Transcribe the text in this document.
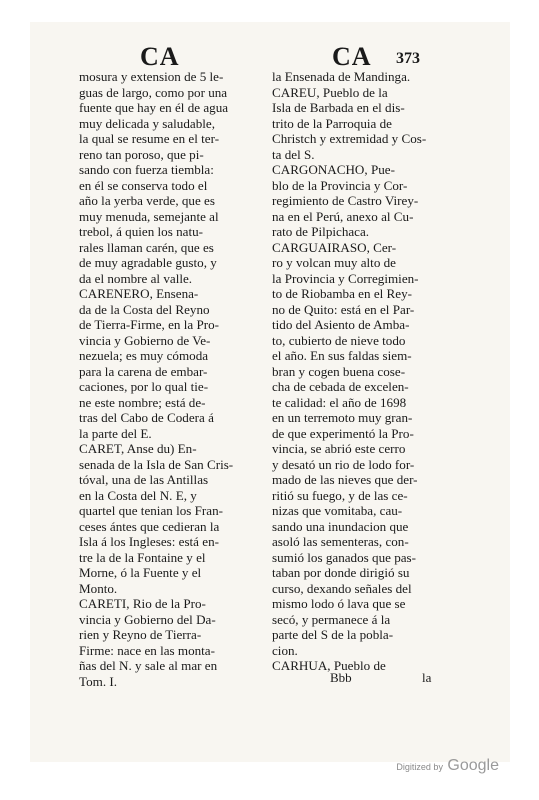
CA	CA 373
mosura y extension de 5 le-
guas de largo, como por una
fuente que hay en él de agua
muy delicada y saludable,
la qual se resume en el ter-
reno tan poroso, que pi-
sando con fuerza tiembla:
en él se conserva todo el
año la yerba verde, que es
muy menuda, semejante al
trebol, á quien los natu-
rales llaman carén, que es
de muy agradable gusto, y
da el nombre al valle.
CARENERO, Ensena-
da de la Costa del Reyno
de Tierra-Firme, en la Pro-
vincia y Gobierno de Ve-
nezuela; es muy cómoda
para la carena de embar-
caciones, por lo qual tie-
ne este nombre; está de-
tras del Cabo de Codera á
la parte del E.
CARET, Anse du) En-
senada de la Isla de San Cris-
tóval, una de las Antillas
en la Costa del N. E, y
quartel que tenian los Fran-
ceses ántes que cedieran la
Isla á los Ingleses: está en-
tre la de la Fontaine y el
Morne, ó la Fuente y el
Monto.
CARETI, Rio de la Pro-
vincia y Gobierno del Da-
rien y Reyno de Tierra-
Firme: nace en las monta-
ñas del N. y sale al mar en
Tom. I.
la Ensenada de Mandinga.
CAREU, Pueblo de la
Isla de Barbada en el dis-
trito de la Parroquia de
Christch y extremidad y Cos-
ta del S.
CARGONACHO, Pue-
blo de la Provincia y Cor-
regimiento de Castro Virey-
na en el Perú, anexo al Cu-
rato de Pilpichaca.
CARGUAIRASO, Cer-
ro y volcan muy alto de
la Provincia y Corregimien-
to de Riobamba en el Rey-
no de Quito: está en el Par-
tido del Asiento de Amba-
to, cubierto de nieve todo
el año. En sus faldas siem-
bran y cogen buena cose-
cha de cebada de excelen-
te calidad: el año de 1698
en un terremoto muy gran-
de que experimentó la Pro-
vincia, se abrió este cerro
y desató un rio de lodo for-
mado de las nieves que der-
ritió su fuego, y de las ce-
nizas que vomitaba, cau-
sando una inundacion que
asoló las sementeras, con-
sumió los ganados que pas-
taban por donde dirigió su
curso, dexando señales del
mismo lodo ó lava que se
secó, y permanece á la
parte del S de la pobla-
cion.
CARHUA, Pueblo de
Bbb	la
Digitized by Google
